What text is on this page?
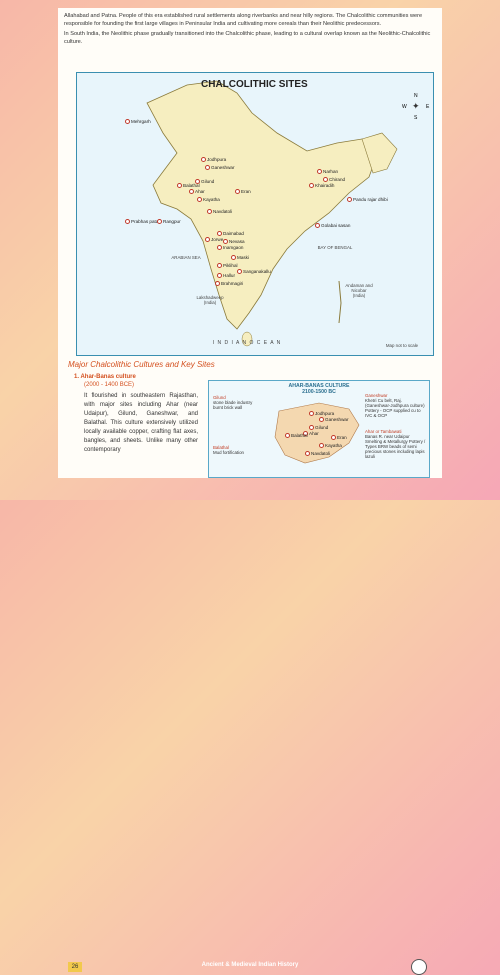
Allahabad and Patna. People of this era established rural settlements along riverbanks and near hilly regions. The Chalcolithic communities were responsible for founding the first large villages in Peninsular India and cultivating more cereals than their Neolithic predecessors.

In South India, the Neolithic phase gradually transitioned into the Chalcolithic phase, leading to a cultural overlap known as the Neolithic-Chalcolithic culture.

CHALCOLITHIC SITES
N
S
W	E
✦
Mehrgarh
Jodhpura
Ganeshwar
Gilund
Balathal
Ahar	Eran
Navdatoli
Kayatha
Prabhas patan Rangpur
Chirand
Narhan
Khairadih
Pandu rajar dhibi
Golabai sasan
Daimabad
Jorwe	Nevasa
Inamgaon
Maski
Piklihal
Sanganakallu
Hallur
Brahmagiri
ARABIAN SEA
BAY OF BENGAL
Lakshadweep (India)
Andaman and Nicobar (India)
I N D I A N O C E A N	Map not to scale
Major Chalcolithic Cultures and Key Sites
1. Ahar-Banas culture
(2000 - 1400 BCE)

It flourished in southeastern Rajasthan, with major sites including Ahar (near Udaipur), Gilund, Ganeshwar, and Balathal. This culture extensively utilized locally available copper, crafting flat axes, bangles, and sheets. Unlike many other contemporary

AHAR-BANAS CULTURE
2100-1500 BC
Gilund
stone blade industry burnt brick wall
Balathal
Mud fortification
Ganeshwar
Khetri Cu belt, Raj. (Ganeshwar-Jodhpura culture) Pottery - OCP supplied cu to IVC & OCP
Ahar or Tambawati
Banas R. near Udaipur Smelting & Metallurgy Pottery / Types BRW beads of semi precious stones including lapis lazuli
Jodhpura
Ganeshwar
Gilund
Ahar
Balathal	Eran
Kayatha
Navdatoli
26	Ancient & Medieval Indian History
